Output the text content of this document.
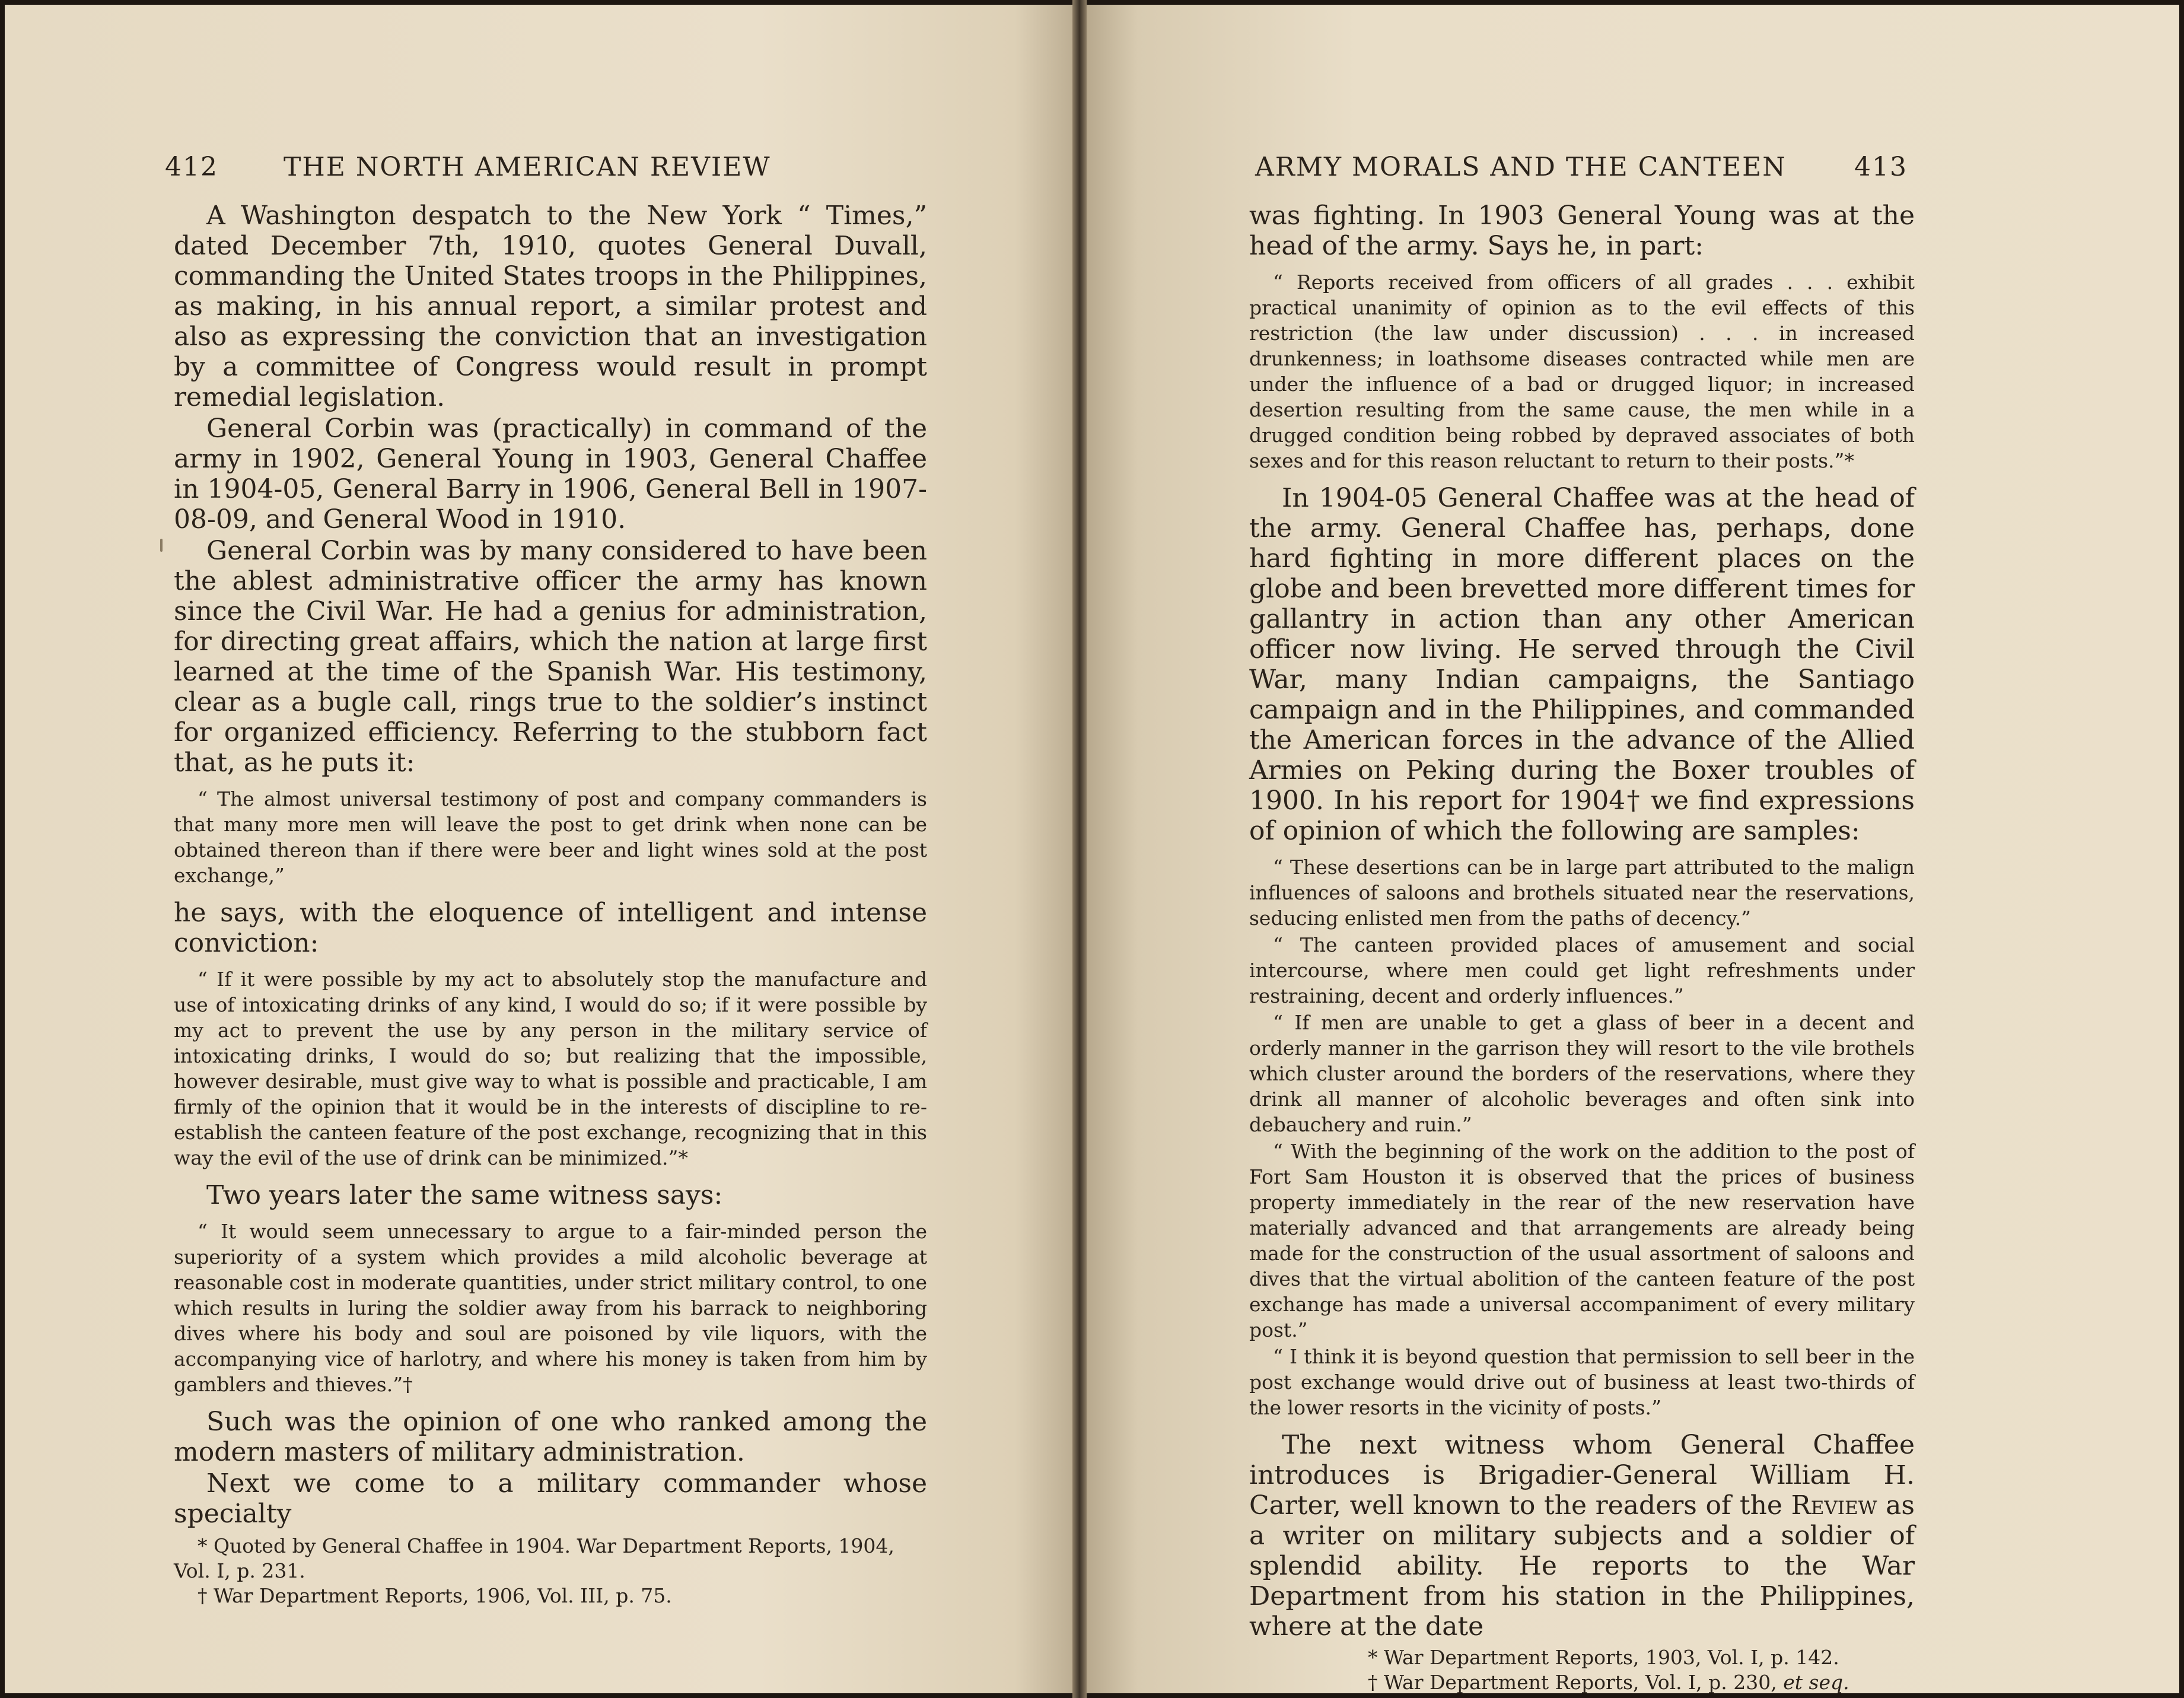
412	THE NORTH AMERICAN REVIEW

A Washington despatch to the New York “ Times,” dated December 7th, 1910, quotes General Duvall, commanding the United States troops in the Philippines, as making, in his annual report, a similar protest and also as expressing the conviction that an investigation by a committee of Congress would result in prompt remedial legislation.

General Corbin was (practically) in command of the army in 1902, General Young in 1903, General Chaffee in 1904-05, General Barry in 1906, General Bell in 1907-08-09, and General Wood in 1910.

General Corbin was by many considered to have been the ablest administrative officer the army has known since the Civil War. He had a genius for administration, for directing great affairs, which the nation at large first learned at the time of the Spanish War. His testimony, clear as a bugle call, rings true to the soldier’s instinct for organized efficiency. Referring to the stubborn fact that, as he puts it:

“ The almost universal testimony of post and company commanders is that many more men will leave the post to get drink when none can be obtained thereon than if there were beer and light wines sold at the post exchange,”

he says, with the eloquence of intelligent and intense conviction:

“ If it were possible by my act to absolutely stop the manufacture and use of intoxicating drinks of any kind, I would do so; if it were possible by my act to prevent the use by any person in the military service of intoxicating drinks, I would do so; but realizing that the impossible, however desirable, must give way to what is possible and practicable, I am firmly of the opinion that it would be in the interests of discipline to re-establish the canteen feature of the post exchange, recognizing that in this way the evil of the use of drink can be minimized.”*

Two years later the same witness says:

“ It would seem unnecessary to argue to a fair-minded person the superiority of a system which provides a mild alcoholic beverage at reasonable cost in moderate quantities, under strict military control, to one which results in luring the soldier away from his barrack to neighboring dives where his body and soul are poisoned by vile liquors, with the accompanying vice of harlotry, and where his money is taken from him by gamblers and thieves.”†

Such was the opinion of one who ranked among the modern masters of military administration.

Next we come to a military commander whose specialty

* Quoted by General Chaffee in 1904. War Department Reports, 1904, Vol. I, p. 231.

† War Department Reports, 1906, Vol. III, p. 75.

ARMY MORALS AND THE CANTEEN	413

was fighting. In 1903 General Young was at the head of the army. Says he, in part:

“ Reports received from officers of all grades . . . exhibit practical unanimity of opinion as to the evil effects of this restriction (the law under discussion) . . . in increased drunkenness; in loathsome diseases contracted while men are under the influence of a bad or drugged liquor; in increased desertion resulting from the same cause, the men while in a drugged condition being robbed by depraved associates of both sexes and for this reason reluctant to return to their posts.”*

In 1904-05 General Chaffee was at the head of the army. General Chaffee has, perhaps, done hard fighting in more different places on the globe and been brevetted more different times for gallantry in action than any other American officer now living. He served through the Civil War, many Indian campaigns, the Santiago campaign and in the Philippines, and commanded the American forces in the advance of the Allied Armies on Peking during the Boxer troubles of 1900. In his report for 1904† we find expressions of opinion of which the following are samples:

“ These desertions can be in large part attributed to the malign influences of saloons and brothels situated near the reservations, seducing enlisted men from the paths of decency.”

“ The canteen provided places of amusement and social intercourse, where men could get light refreshments under restraining, decent and orderly influences.”

“ If men are unable to get a glass of beer in a decent and orderly manner in the garrison they will resort to the vile brothels which cluster around the borders of the reservations, where they drink all manner of alcoholic beverages and often sink into debauchery and ruin.”

“ With the beginning of the work on the addition to the post of Fort Sam Houston it is observed that the prices of business property immediately in the rear of the new reservation have materially advanced and that arrangements are already being made for the construction of the usual assortment of saloons and dives that the virtual abolition of the canteen feature of the post exchange has made a universal accompaniment of every military post.”

“ I think it is beyond question that permission to sell beer in the post exchange would drive out of business at least two-thirds of the lower resorts in the vicinity of posts.”

The next witness whom General Chaffee introduces is Brigadier-General William H. Carter, well known to the readers of the Review as a writer on military subjects and a soldier of splendid ability. He reports to the War Department from his station in the Philippines, where at the date

* War Department Reports, 1903, Vol. I, p. 142.

† War Department Reports, Vol. I, p. 230, et seq.
